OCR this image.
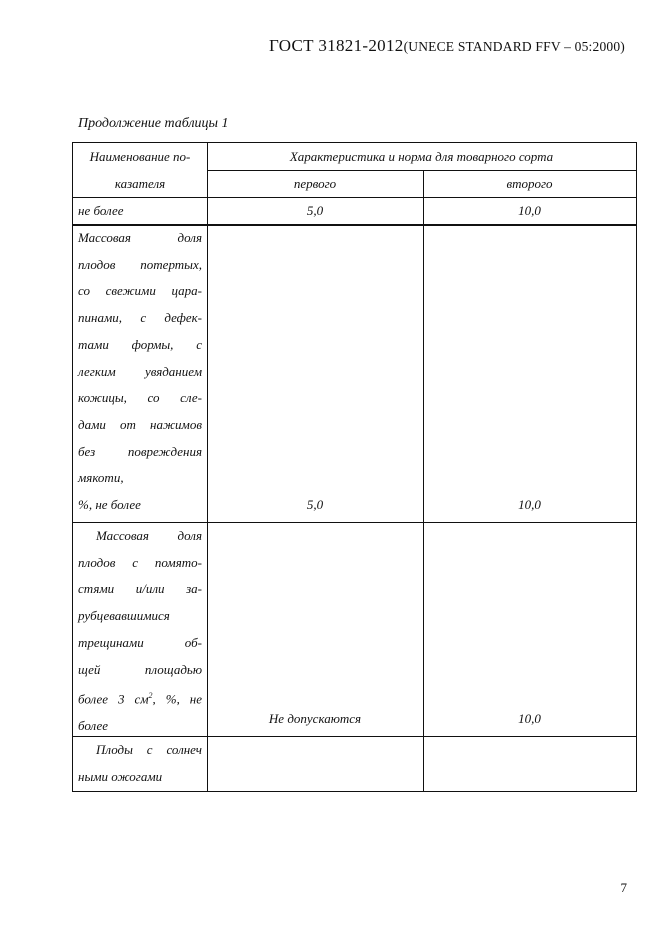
ГОСТ 31821-2012(UNECE STANDARD FFV – 05:2000)
Продолжение таблицы 1
Наименование по-
казателя
Характеристика и норма для товарного сорта
первого	второго
не более	5,0	10,0
Массовая доля
плодов потертых,
со свежими цара-
пинами, с дефек-
тами формы, с
легким увяданием
кожицы, со сле-
дами от нажимов
без повреждения
мякоти,
%, не более	5,0	10,0
Массовая доля
плодов с помято-
стями и/или за-
рубцевавшимися
трещинами об-
щей площадью
более 3 $см^2$, %, не
более	Не допускаются	10,0
Плоды с солнеч
ными ожогами
7
